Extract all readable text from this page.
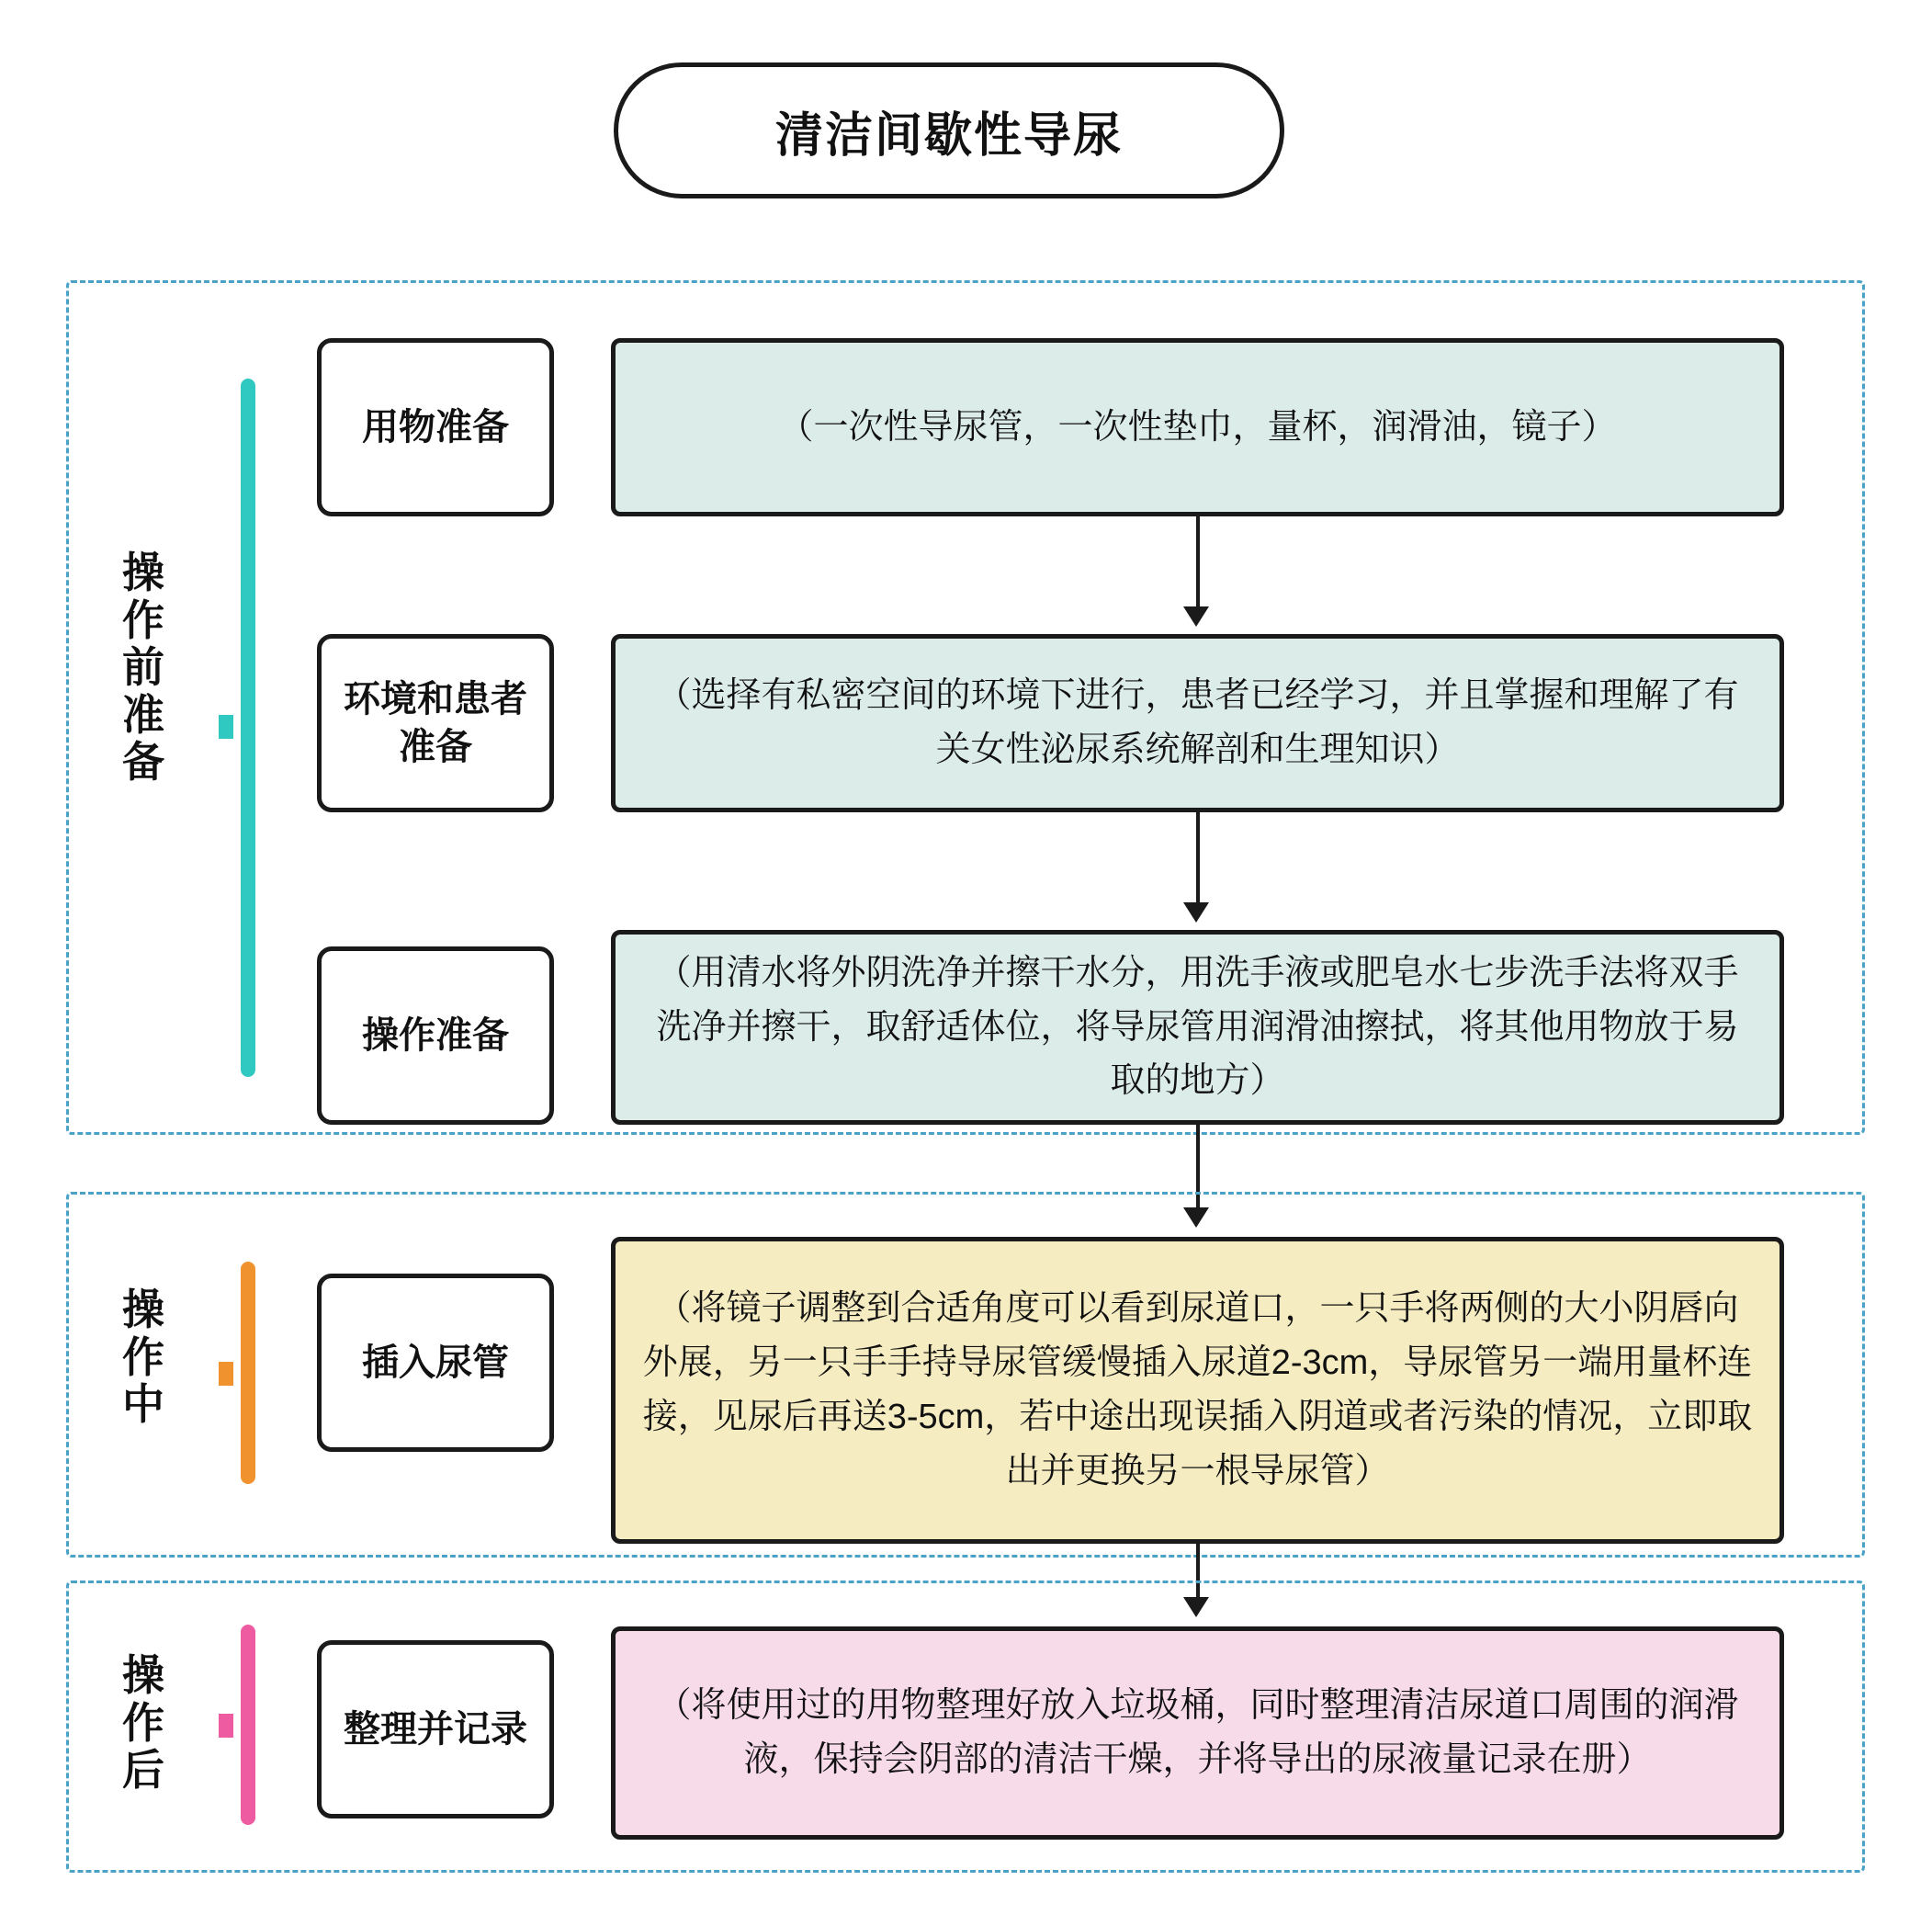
清洁间歇性导尿
操作前准备
用物准备	（一次性导尿管，一次性垫巾，量杯，润滑油，镜子）
环境和患者准备
（选择有私密空间的环境下进行，患者已经学习，并且掌握和理解了有关女性泌尿系统解剖和生理知识）
操作准备
（用清水将外阴洗净并擦干水分，用洗手液或肥皂水七步洗手法将双手洗净并擦干，取舒适体位，将导尿管用润滑油擦拭，将其他用物放于易取的地方）
操作中
插入尿管
（将镜子调整到合适角度可以看到尿道口，一只手将两侧的大小阴唇向外展，另一只手手持导尿管缓慢插入尿道2-3cm，导尿管另一端用量杯连接，见尿后再送3-5cm，若中途出现误插入阴道或者污染的情况，立即取出并更换另一根导尿管）
操作后
整理并记录
（将使用过的用物整理好放入垃圾桶，同时整理清洁尿道口周围的润滑液，保持会阴部的清洁干燥，并将导出的尿液量记录在册）
